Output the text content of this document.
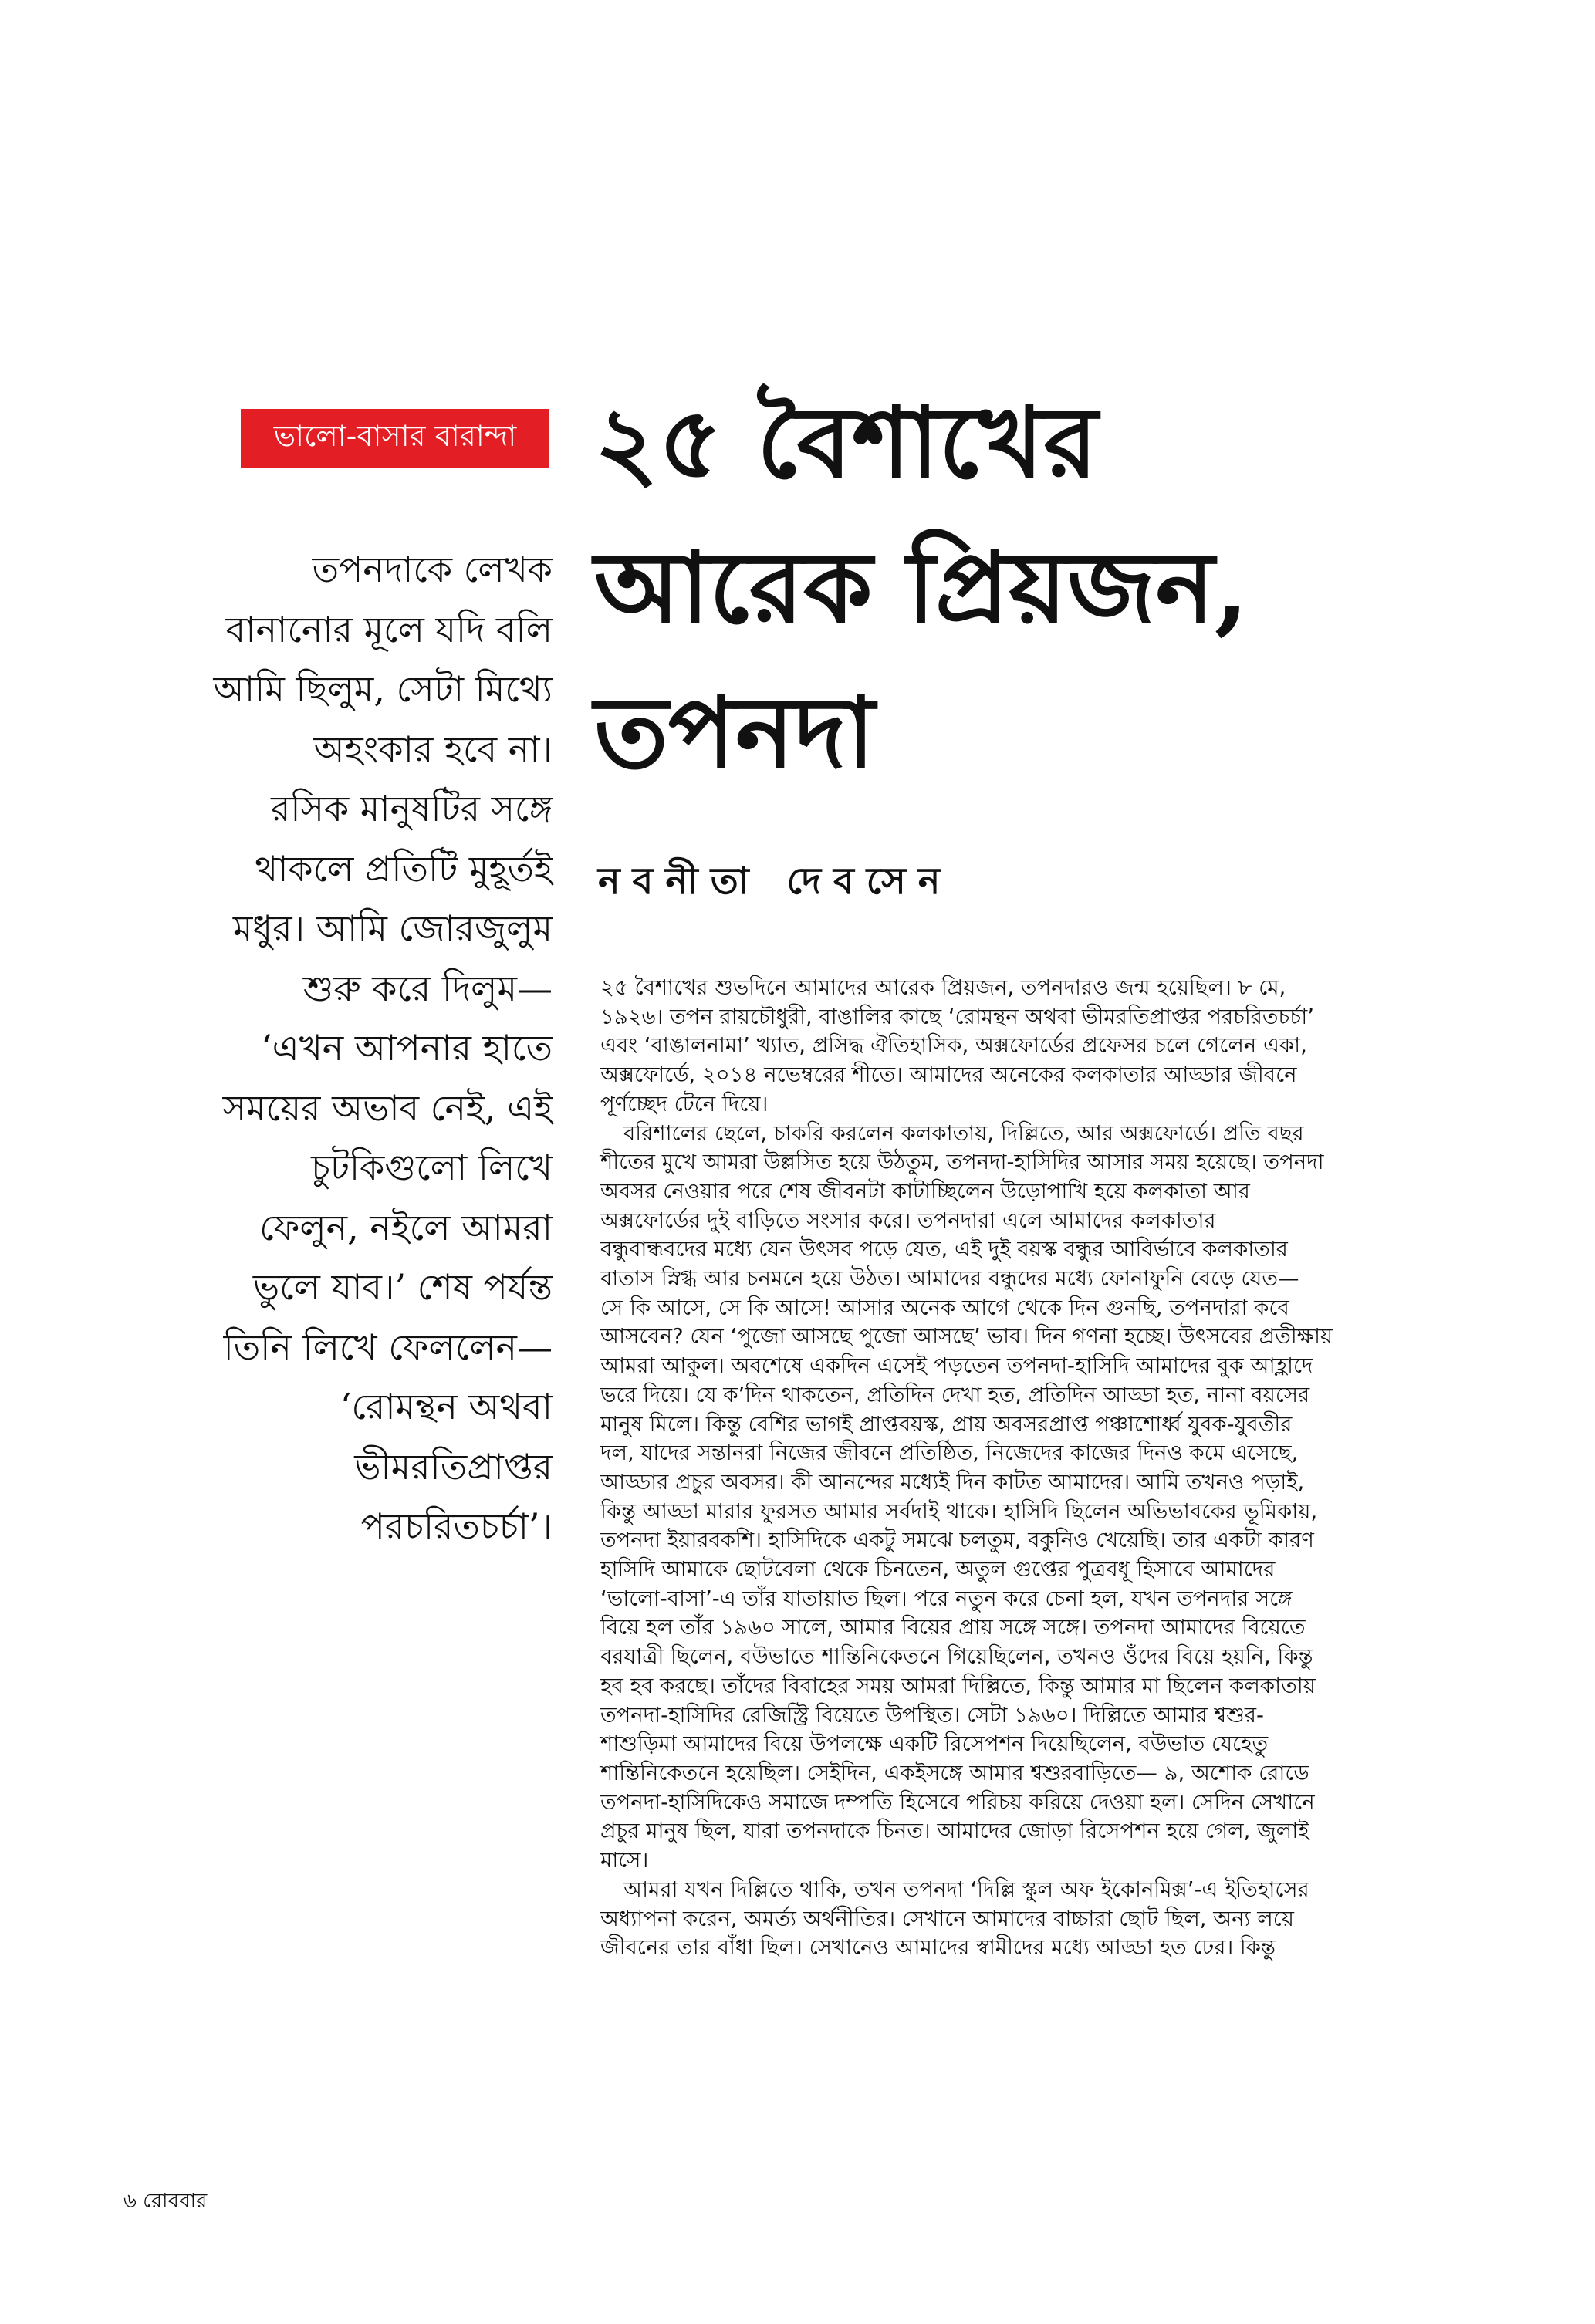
ভালো-বাসার বারান্দা ২৫ বৈশাখের
আরেক প্রিয়জন,
তপনদা
নবনীতা দেবসেন
তপনদাকে লেখক
বানানোর মূলে যদি বলি
আমি ছিলুম, সেটা মিথ্যে
অহংকার হবে না।
রসিক মানুষটির সঙ্গে
থাকলে প্রতিটি মুহূর্তই
মধুর। আমি জোরজুলুম
শুরু করে দিলুম—
‘এখন আপনার হাতে
সময়ের অভাব নেই, এই
চুটকিগুলো লিখে
ফেলুন, নইলে আমরা
ভুলে যাব।’ শেষ পর্যন্ত
তিনি লিখে ফেললেন—
‘রোমন্থন অথবা
ভীমরতিপ্রাপ্তর
পরচরিতচর্চা’।
২৫ বৈশাখের শুভদিনে আমাদের আরেক প্রিয়জন, তপনদারও জন্ম হয়েছিল। ৮ মে,
১৯২৬। তপন রায়চৌধুরী, বাঙালির কাছে ‘রোমন্থন অথবা ভীমরতিপ্রাপ্তর পরচরিতচর্চা’
এবং ‘বাঙালনামা’ খ্যাত, প্রসিদ্ধ ঐতিহাসিক, অক্সফোর্ডের প্রফেসর চলে গেলেন একা,
অক্সফোর্ডে, ২০১৪ নভেম্বরের শীতে। আমাদের অনেকের কলকাতার আড্ডার জীবনে
পূর্ণচ্ছেদ টেনে দিয়ে।
বরিশালের ছেলে, চাকরি করলেন কলকাতায়, দিল্লিতে, আর অক্সফোর্ডে। প্রতি বছর
শীতের মুখে আমরা উল্লসিত হয়ে উঠতুম, তপনদা-হাসিদির আসার সময় হয়েছে। তপনদা
অবসর নেওয়ার পরে শেষ জীবনটা কাটাচ্ছিলেন উড়োপাখি হয়ে কলকাতা আর
অক্সফোর্ডের দুই বাড়িতে সংসার করে। তপনদারা এলে আমাদের কলকাতার
বন্ধুবান্ধবদের মধ্যে যেন উৎসব পড়ে যেত, এই দুই বয়স্ক বন্ধুর আবির্ভাবে কলকাতার
বাতাস স্নিগ্ধ আর চনমনে হয়ে উঠত। আমাদের বন্ধুদের মধ্যে ফোনাফুনি বেড়ে যেত—
সে কি আসে, সে কি আসে! আসার অনেক আগে থেকে দিন গুনছি, তপনদারা কবে
আসবেন? যেন ‘পুজো আসছে পুজো আসছে’ ভাব। দিন গণনা হচ্ছে। উৎসবের প্রতীক্ষায়
আমরা আকুল। অবশেষে একদিন এসেই পড়তেন তপনদা-হাসিদি আমাদের বুক আহ্লাদে
ভরে দিয়ে। যে ক’দিন থাকতেন, প্রতিদিন দেখা হত, প্রতিদিন আড্ডা হত, নানা বয়সের
মানুষ মিলে। কিন্তু বেশির ভাগই প্রাপ্তবয়স্ক, প্রায় অবসরপ্রাপ্ত পঞ্চাশোর্ধ্ব যুবক-যুবতীর
দল, যাদের সন্তানরা নিজের জীবনে প্রতিষ্ঠিত, নিজেদের কাজের দিনও কমে এসেছে,
আড্ডার প্রচুর অবসর। কী আনন্দের মধ্যেই দিন কাটত আমাদের। আমি তখনও পড়াই,
কিন্তু আড্ডা মারার ফুরসত আমার সর্বদাই থাকে। হাসিদি ছিলেন অভিভাবকের ভূমিকায়,
তপনদা ইয়ারবকশি। হাসিদিকে একটু সমঝে চলতুম, বকুনিও খেয়েছি। তার একটা কারণ
হাসিদি আমাকে ছোটবেলা থেকে চিনতেন, অতুল গুপ্তের পুত্রবধূ হিসাবে আমাদের
‘ভালো-বাসা’-এ তাঁর যাতায়াত ছিল। পরে নতুন করে চেনা হল, যখন তপনদার সঙ্গে
বিয়ে হল তাঁর ১৯৬০ সালে, আমার বিয়ের প্রায় সঙ্গে সঙ্গে। তপনদা আমাদের বিয়েতে
বরযাত্রী ছিলেন, বউভাতে শান্তিনিকেতনে গিয়েছিলেন, তখনও ওঁদের বিয়ে হয়নি, কিন্তু
হব হব করছে। তাঁদের বিবাহের সময় আমরা দিল্লিতে, কিন্তু আমার মা ছিলেন কলকাতায়
তপনদা-হাসিদির রেজিস্ট্রি বিয়েতে উপস্থিত। সেটা ১৯৬০। দিল্লিতে আমার শ্বশুর-
শাশুড়িমা আমাদের বিয়ে উপলক্ষে একটি রিসেপশন দিয়েছিলেন, বউভাত যেহেতু
শান্তিনিকেতনে হয়েছিল। সেইদিন, একইসঙ্গে আমার শ্বশুরবাড়িতে— ৯, অশোক রোডে
তপনদা-হাসিদিকেও সমাজে দম্পতি হিসেবে পরিচয় করিয়ে দেওয়া হল। সেদিন সেখানে
প্রচুর মানুষ ছিল, যারা তপনদাকে চিনত। আমাদের জোড়া রিসেপশন হয়ে গেল, জুলাই
মাসে।
আমরা যখন দিল্লিতে থাকি, তখন তপনদা ‘দিল্লি স্কুল অফ ইকোনমিক্স’-এ ইতিহাসের
অধ্যাপনা করেন, অমর্ত্য অর্থনীতির। সেখানে আমাদের বাচ্চারা ছোট ছিল, অন্য লয়ে
জীবনের তার বাঁধা ছিল। সেখানেও আমাদের স্বামীদের মধ্যে আড্ডা হত ঢের। কিন্তু
৬ রোববার
